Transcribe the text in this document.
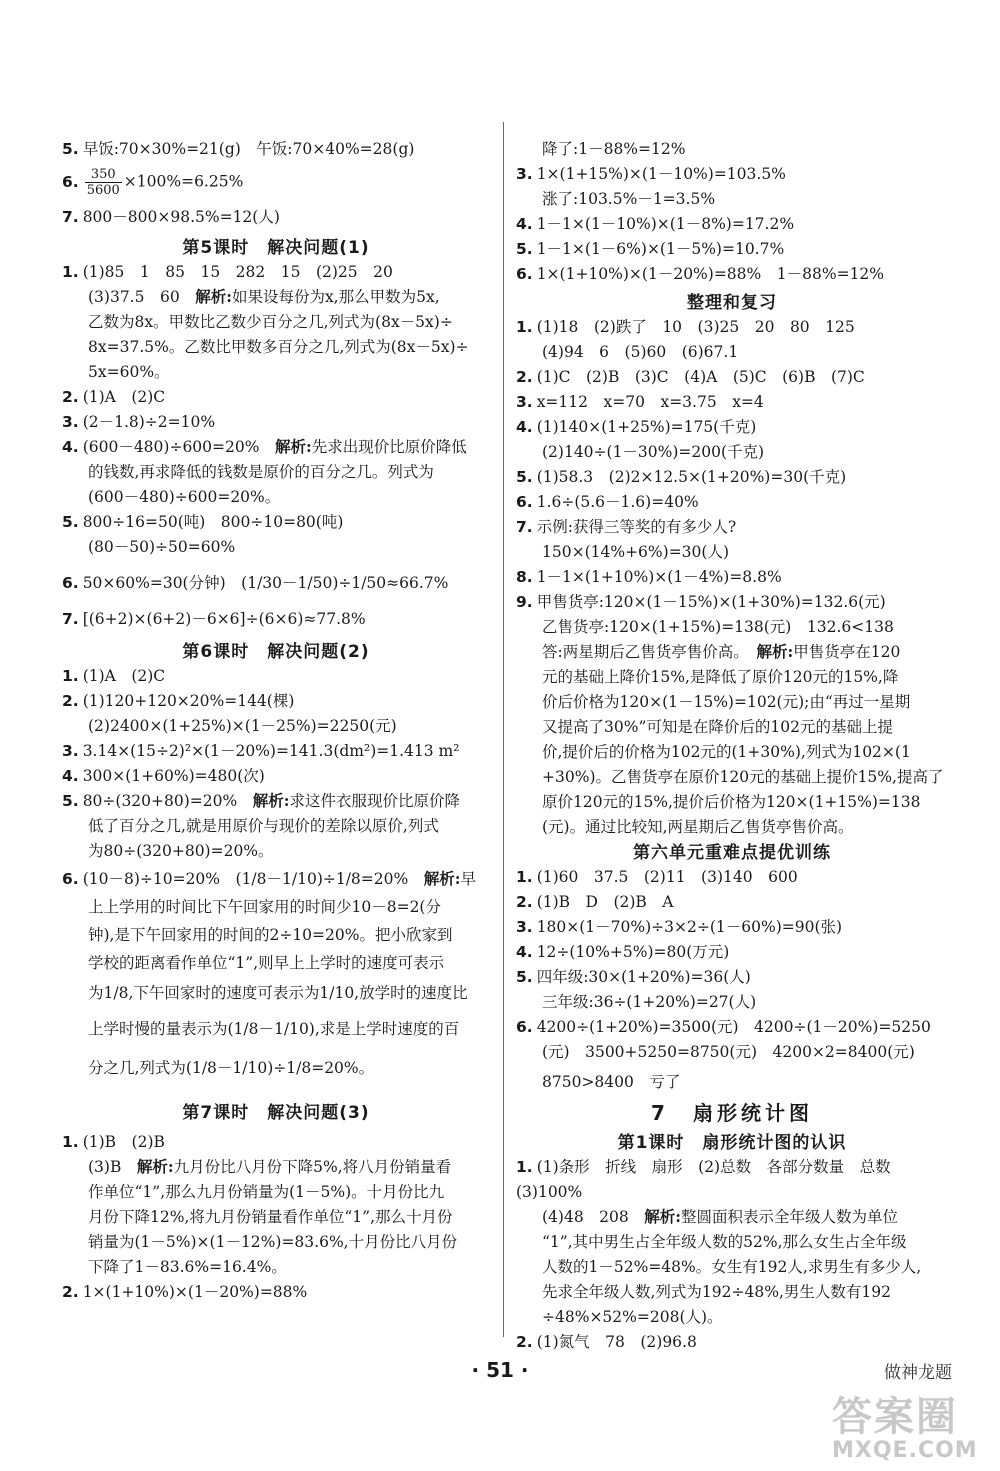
5. 早饭:70×30%=21(g)　午饭:70×40%=28(g)
6. $\frac{350}{5600} \times 100\%=6.25\%$
7. 800－800×98.5%=12(人)
第5课时　解决问题(1)
1. (1)85　1　85　15　282　15　(2)25　20
(3)37.5　60　解析:如果设每份为x,那么甲数为5x,
乙数为8x。甲数比乙数少百分之几,列式为(8x－5x)÷
8x=37.5%。乙数比甲数多百分之几,列式为(8x－5x)÷
5x=60%。
2. (1)A　(2)C
3. (2－1.8)÷2=10%
4. (600－480)÷600=20%　解析:先求出现价比原价降低
的钱数,再求降低的钱数是原价的百分之几。列式为
(600－480)÷600=20%。
5. 800÷16=50(吨)　800÷10=80(吨)
(80－50)÷50=60%
6. 50×60%=30(分钟)　(1/30－1/50)÷1/50≈66.7%
7. [(6+2)×(6+2)－6×6]÷(6×6)≈77.8%
第6课时　解决问题(2)
1. (1)A　(2)C
2. (1)120+120×20%=144(棵)
(2)2400×(1+25%)×(1－25%)=2250(元)
3. 3.14×(15÷2)²×(1－20%)=141.3(dm²)=1.413 m²
4. 300×(1+60%)=480(次)
5. 80÷(320+80)=20%　解析:求这件衣服现价比原价降
低了百分之几,就是用原价与现价的差除以原价,列式
为80÷(320+80)=20%。
6. (10－8)÷10=20%　(1/8－1/10)÷1/8=20%　解析:早
上上学用的时间比下午回家用的时间少10－8=2(分
钟),是下午回家用的时间的2÷10=20%。把小欣家到
学校的距离看作单位“1”,则早上上学时的速度可表示
为1/8,下午回家时的速度可表示为1/10,放学时的速度比
上学时慢的量表示为(1/8－1/10),求是上学时速度的百
分之几,列式为(1/8－1/10)÷1/8=20%。
第7课时　解决问题(3)
1. (1)B　(2)B
(3)B　解析:九月份比八月份下降5%,将八月份销量看
作单位“1”,那么九月份销量为(1－5%)。十月份比九
月份下降12%,将九月份销量看作单位“1”,那么十月份
销量为(1－5%)×(1－12%)=83.6%,十月份比八月份
下降了1－83.6%=16.4%。
2. 1×(1+10%)×(1－20%)=88%
降了:1－88%=12%
3. 1×(1+15%)×(1－10%)=103.5%
涨了:103.5%－1=3.5%
4. 1－1×(1－10%)×(1－8%)=17.2%
5. 1－1×(1－6%)×(1－5%)=10.7%
6. 1×(1+10%)×(1－20%)=88%　1－88%=12%
整理和复习
1. (1)18　(2)跌了　10　(3)25　20　80　125
(4)94　6　(5)60　(6)67.1
2. (1)C　(2)B　(3)C　(4)A　(5)C　(6)B　(7)C
3. x=112　x=70　x=3.75　x=4
4. (1)140×(1+25%)=175(千克)
(2)140÷(1－30%)=200(千克)
5. (1)58.3　(2)2×12.5×(1+20%)=30(千克)
6. 1.6÷(5.6－1.6)=40%
7. 示例:获得三等奖的有多少人?
150×(14%+6%)=30(人)
8. 1－1×(1+10%)×(1－4%)=8.8%
9. 甲售货亭:120×(1－15%)×(1+30%)=132.6(元)
乙售货亭:120×(1+15%)=138(元)　132.6<138
答:两星期后乙售货亭售价高。　解析:甲售货亭在120
元的基础上降价15%,是降低了原价120元的15%,降
价后价格为120×(1－15%)=102(元);由“再过一星期
又提高了30%”可知是在降价后的102元的基础上提
价,提价后的价格为102元的(1+30%),列式为102×(1
+30%)。乙售货亭在原价120元的基础上提价15%,提高了
原价120元的15%,提价后价格为120×(1+15%)=138
(元)。通过比较知,两星期后乙售货亭售价高。
第六单元重难点提优训练
1. (1)60　37.5　(2)11　(3)140　600
2. (1)B　D　(2)B　A
3. 180×(1－70%)÷3×2÷(1－60%)=90(张)
4. 12÷(10%+5%)=80(万元)
5. 四年级:30×(1+20%)=36(人)
三年级:36÷(1+20%)=27(人)
6. 4200÷(1+20%)=3500(元)　4200÷(1－20%)=5250
(元)　3500+5250=8750(元)　4200×2=8400(元)
8750>8400　亏了
7　扇形统计图
第1课时　扇形统计图的认识
1. (1)条形　折线　扇形　(2)总数　各部分数量　总数
(3)100%
(4)48　208　解析:整圆面积表示全年级人数为单位
“1”,其中男生占全年级人数的52%,那么女生占全年级
人数的1－52%=48%。女生有192人,求男生有多少人,
先求全年级人数,列式为192÷48%,男生人数有192
÷48%×52%=208(人)。
2. (1)氮气　78　(2)96.8
· 51 ·	做神龙题
答案圈
MXQE.COM
